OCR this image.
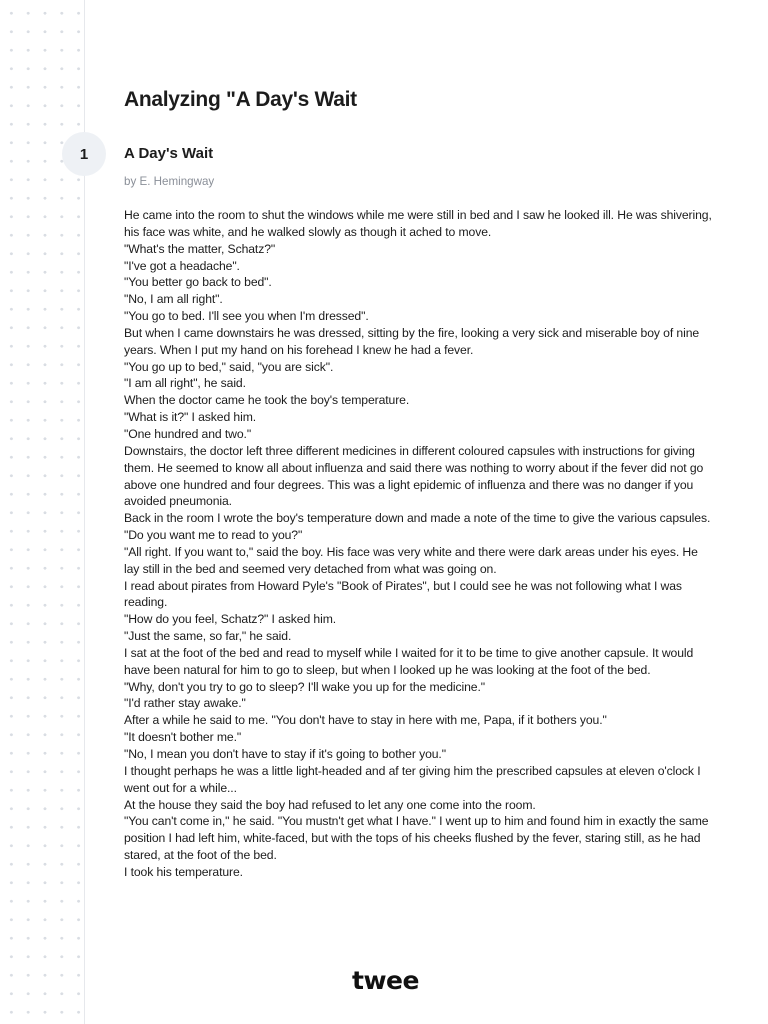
Analyzing "A Day's Wait
1	A Day's Wait

by E. Hemingway

He came into the room to shut the windows while me were still in bed and I saw he looked ill. He was shivering, his face was white, and he walked slowly as though it ached to move.

"What's the matter, Schatz?"

"I've got a headache".

"You better go back to bed".

"No, I am all right".

"You go to bed. I'll see you when I'm dressed".

But when I came downstairs he was dressed, sitting by the fire, looking a very sick and miserable boy of nine years. When I put my hand on his forehead I knew he had a fever.

"You go up to bed," said, "you are sick".

"I am all right", he said.

When the doctor came he took the boy's temperature.

"What is it?" I asked him.

"One hundred and two."

Downstairs, the doctor left three different medicines in different coloured capsules with instructions for giving them. He seemed to know all about influenza and said there was nothing to worry about if the fever did not go above one hundred and four degrees. This was a light epidemic of influenza and there was no danger if you avoided pneumonia.

Back in the room I wrote the boy's temperature down and made a note of the time to give the various capsules.

"Do you want me to read to you?"

"All right. If you want to," said the boy. His face was very white and there were dark areas under his eyes. He lay still in the bed and seemed very detached from what was going on.

I read about pirates from Howard Pyle's "Book of Pirates", but I could see he was not following what I was reading.

"How do you feel, Schatz?" I asked him.

"Just the same, so far," he said.

I sat at the foot of the bed and read to myself while I waited for it to be time to give another capsule. It would have been natural for him to go to sleep, but when I looked up he was looking at the foot of the bed.

"Why, don't you try to go to sleep? I'll wake you up for the medicine."

"I'd rather stay awake."

After a while he said to me. "You don't have to stay in here with me, Papa, if it bothers you."

"It doesn't bother me."

"No, I mean you don't have to stay if it's going to bother you."

I thought perhaps he was a little light-headed and af ter giving him the prescribed capsules at eleven o'clock I went out for a while...

At the house they said the boy had refused to let any one come into the room.

"You can't come in," he said. "You mustn't get what I have." I went up to him and found him in exactly the same position I had left him, white-faced, but with the tops of his cheeks flushed by the fever, staring still, as he had stared, at the foot of the bed.

I took his temperature.

twee
